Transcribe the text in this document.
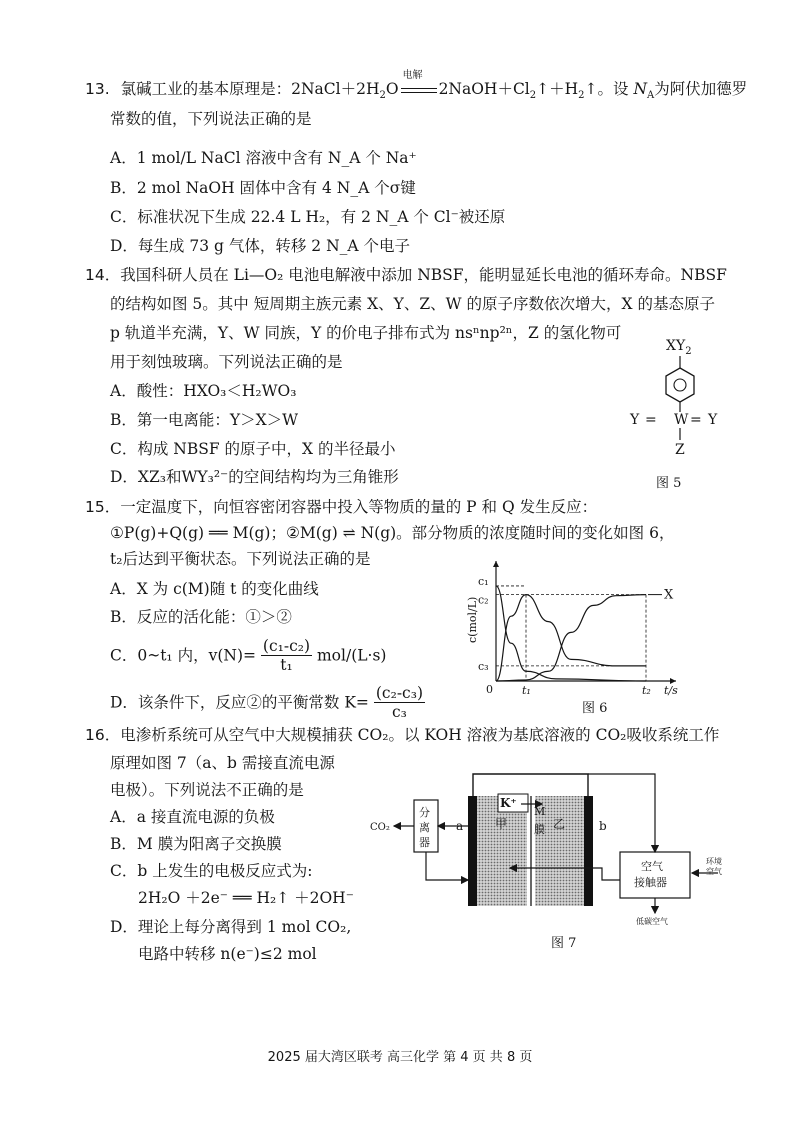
13. 氯碱工业的基本原理是：$2NaCl+2H_2O$
电解
$2NaOH+Cl_2↑+H_2↑$。设 $N_A$为阿伏加德罗
常数的值，下列说法正确的是
A．1 mol/L NaCl 溶液中含有 N_A 个 Na⁺
B．2 mol NaOH 固体中含有 4 N_A 个σ键
C．标准状况下生成 22.4 L H₂，有 2 N_A 个 Cl⁻被还原
D．每生成 73 g 气体，转移 2 N_A 个电子
14．我国科研人员在 Li—O₂ 电池电解液中添加 NBSF，能明显延长电池的循环寿命。NBSF
的结构如图 5。其中 短周期主族元素 X、Y、Z、W 的原子序数依次增大，X 的基态原子
p 轨道半充满，Y、W 同族，Y 的价电子排布式为 nsⁿnp²ⁿ，Z 的氢化物可
用于刻蚀玻璃。下列说法正确的是
A．酸性：HXO₃＜H₂WO₃
B．第一电离能：Y＞X＞W
C．构成 NBSF 的原子中，X 的半径最小
D．XZ₃和WY₃²⁻的空间结构均为三角锥形
$XY_2$
Y = W = Y
Z
图 5
15．一定温度下，向恒容密闭容器中投入等物质的量的 P 和 Q 发生反应：
①P(g)+Q(g) ══ M(g)；②M(g) ⇌ N(g)。部分物质的浓度随时间的变化如图 6，
t₂后达到平衡状态。下列说法正确的是
A．X 为 c(M)随 t 的变化曲线
B．反应的活化能：①＞②
C．0~t₁ 内，$v(N)= \frac{\text{(c₁-c₂)}}{\text{t₁}} mol/(L\cdot s)$
D．该条件下，反应②的平衡常数 $K= \frac{\text{(c₂-c₃)}}{\text{c₃}}$
c₁
c₂
c₃
0	t₁	t₂ t/s
c(mol/L)
X
图 6
16．电渗析系统可从空气中大规模捕获 CO₂。以 KOH 溶液为基底溶液的 CO₂吸收系统工作
原理如图 7（a、b 需接直流电源
电极）。下列说法不正确的是
A．a 接直流电源的负极
B．M 膜为阳离子交换膜
C．b 上发生的电极反应式为:
2H₂O ＋2e⁻ ══ H₂↑ ＋2OH⁻
D．理论上每分离得到 1 mol CO₂,
电路中转移 n(e⁻)≤2 mol
K⁺
甲
M
膜 乙
a	b
分
离
器
CO₂
空气
接触器
环境空气
低碳空气
图 7
2025 届大湾区联考 高三化学 第 4 页 共 8 页
